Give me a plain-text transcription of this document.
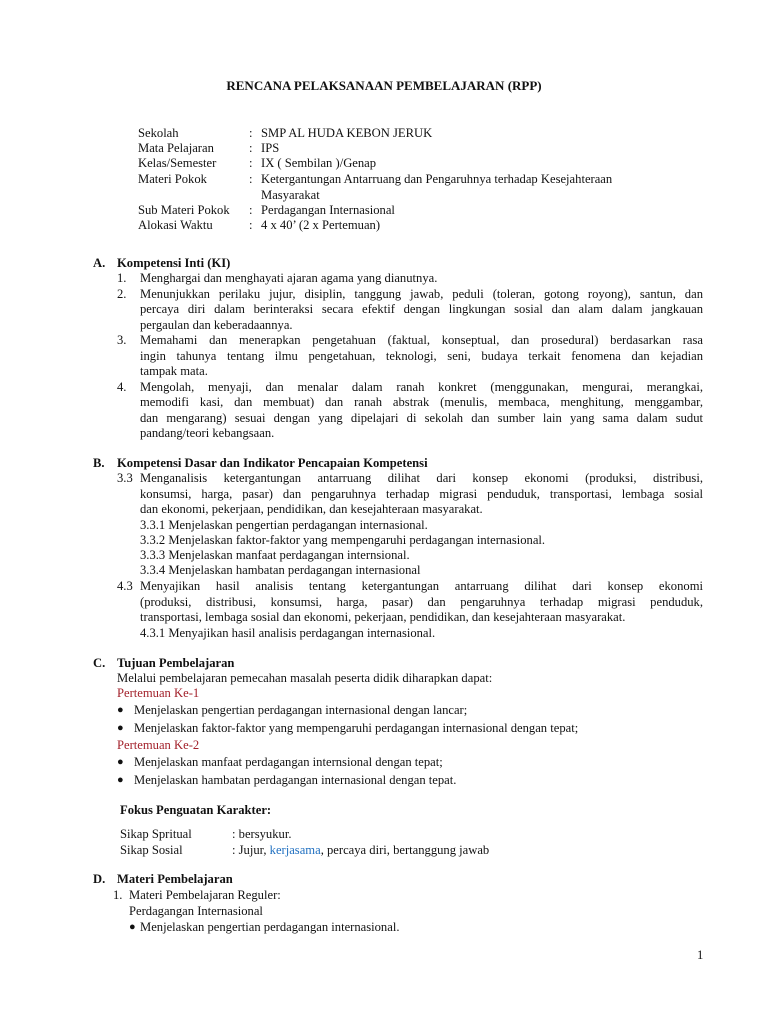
RENCANA PELAKSANAAN PEMBELAJARAN (RPP)
Sekolah	: SMP AL HUDA KEBON JERUK
Mata Pelajaran	: IPS
Kelas/Semester	: IX ( Sembilan )/Genap
Materi Pokok	: Ketergantungan Antarruang dan Pengaruhnya terhadap Kesejahteraan
Masyarakat
Sub Materi Pokok : Perdagangan Internasional
Alokasi Waktu	: 4 x 40’ (2 x Pertemuan)
A. Kompetensi Inti (KI)
1. Menghargai dan menghayati ajaran agama yang dianutnya.
2. Menunjukkan perilaku jujur, disiplin, tanggung jawab, peduli (toleran, gotong royong), santun, dan
percaya diri dalam berinteraksi secara efektif dengan lingkungan sosial dan alam dalam jangkauan
pergaulan dan keberadaannya.
3. Memahami dan menerapkan pengetahuan (faktual, konseptual, dan prosedural) berdasarkan rasa
ingin tahunya tentang ilmu pengetahuan, teknologi, seni, budaya terkait fenomena dan kejadian
tampak mata.
4. Mengolah, menyaji, dan menalar dalam ranah konkret (menggunakan, mengurai, merangkai,
memodifi kasi, dan membuat) dan ranah abstrak (menulis, membaca, menghitung, menggambar,
dan mengarang) sesuai dengan yang dipelajari di sekolah dan sumber lain yang sama dalam sudut
pandang/teori kebangsaan.
B. Kompetensi Dasar dan Indikator Pencapaian Kompetensi
3.3 Menganalisis ketergantungan antarruang dilihat dari konsep ekonomi (produksi, distribusi,
konsumsi, harga, pasar) dan pengaruhnya terhadap migrasi penduduk, transportasi, lembaga sosial
dan ekonomi, pekerjaan, pendidikan, dan kesejahteraan masyarakat.
3.3.1 Menjelaskan pengertian perdagangan internasional.
3.3.2 Menjelaskan faktor-faktor yang mempengaruhi perdagangan internasional.
3.3.3 Menjelaskan manfaat perdagangan internsional.
3.3.4 Menjelaskan hambatan perdagangan internasional
4.3 Menyajikan hasil analisis tentang ketergantungan antarruang dilihat dari konsep ekonomi
(produksi, distribusi, konsumsi, harga, pasar) dan pengaruhnya terhadap migrasi penduduk,
transportasi, lembaga sosial dan ekonomi, pekerjaan, pendidikan, dan kesejahteraan masyarakat.
4.3.1 Menyajikan hasil analisis perdagangan internasional.
C. Tujuan Pembelajaran
Melalui pembelajaran pemecahan masalah peserta didik diharapkan dapat:
Pertemuan Ke-1
● Menjelaskan pengertian perdagangan internasional dengan lancar;
● Menjelaskan faktor-faktor yang mempengaruhi perdagangan internasional dengan tepat;
Pertemuan Ke-2
● Menjelaskan manfaat perdagangan internsional dengan tepat;
● Menjelaskan hambatan perdagangan internasional dengan tepat.
Fokus Penguatan Karakter:
Sikap Spritual	: bersyukur.
Sikap Sosial	: Jujur, kerjasama, percaya diri, bertanggung jawab
D. Materi Pembelajaran
1. Materi Pembelajaran Reguler:
Perdagangan Internasional
● Menjelaskan pengertian perdagangan internasional.
1
